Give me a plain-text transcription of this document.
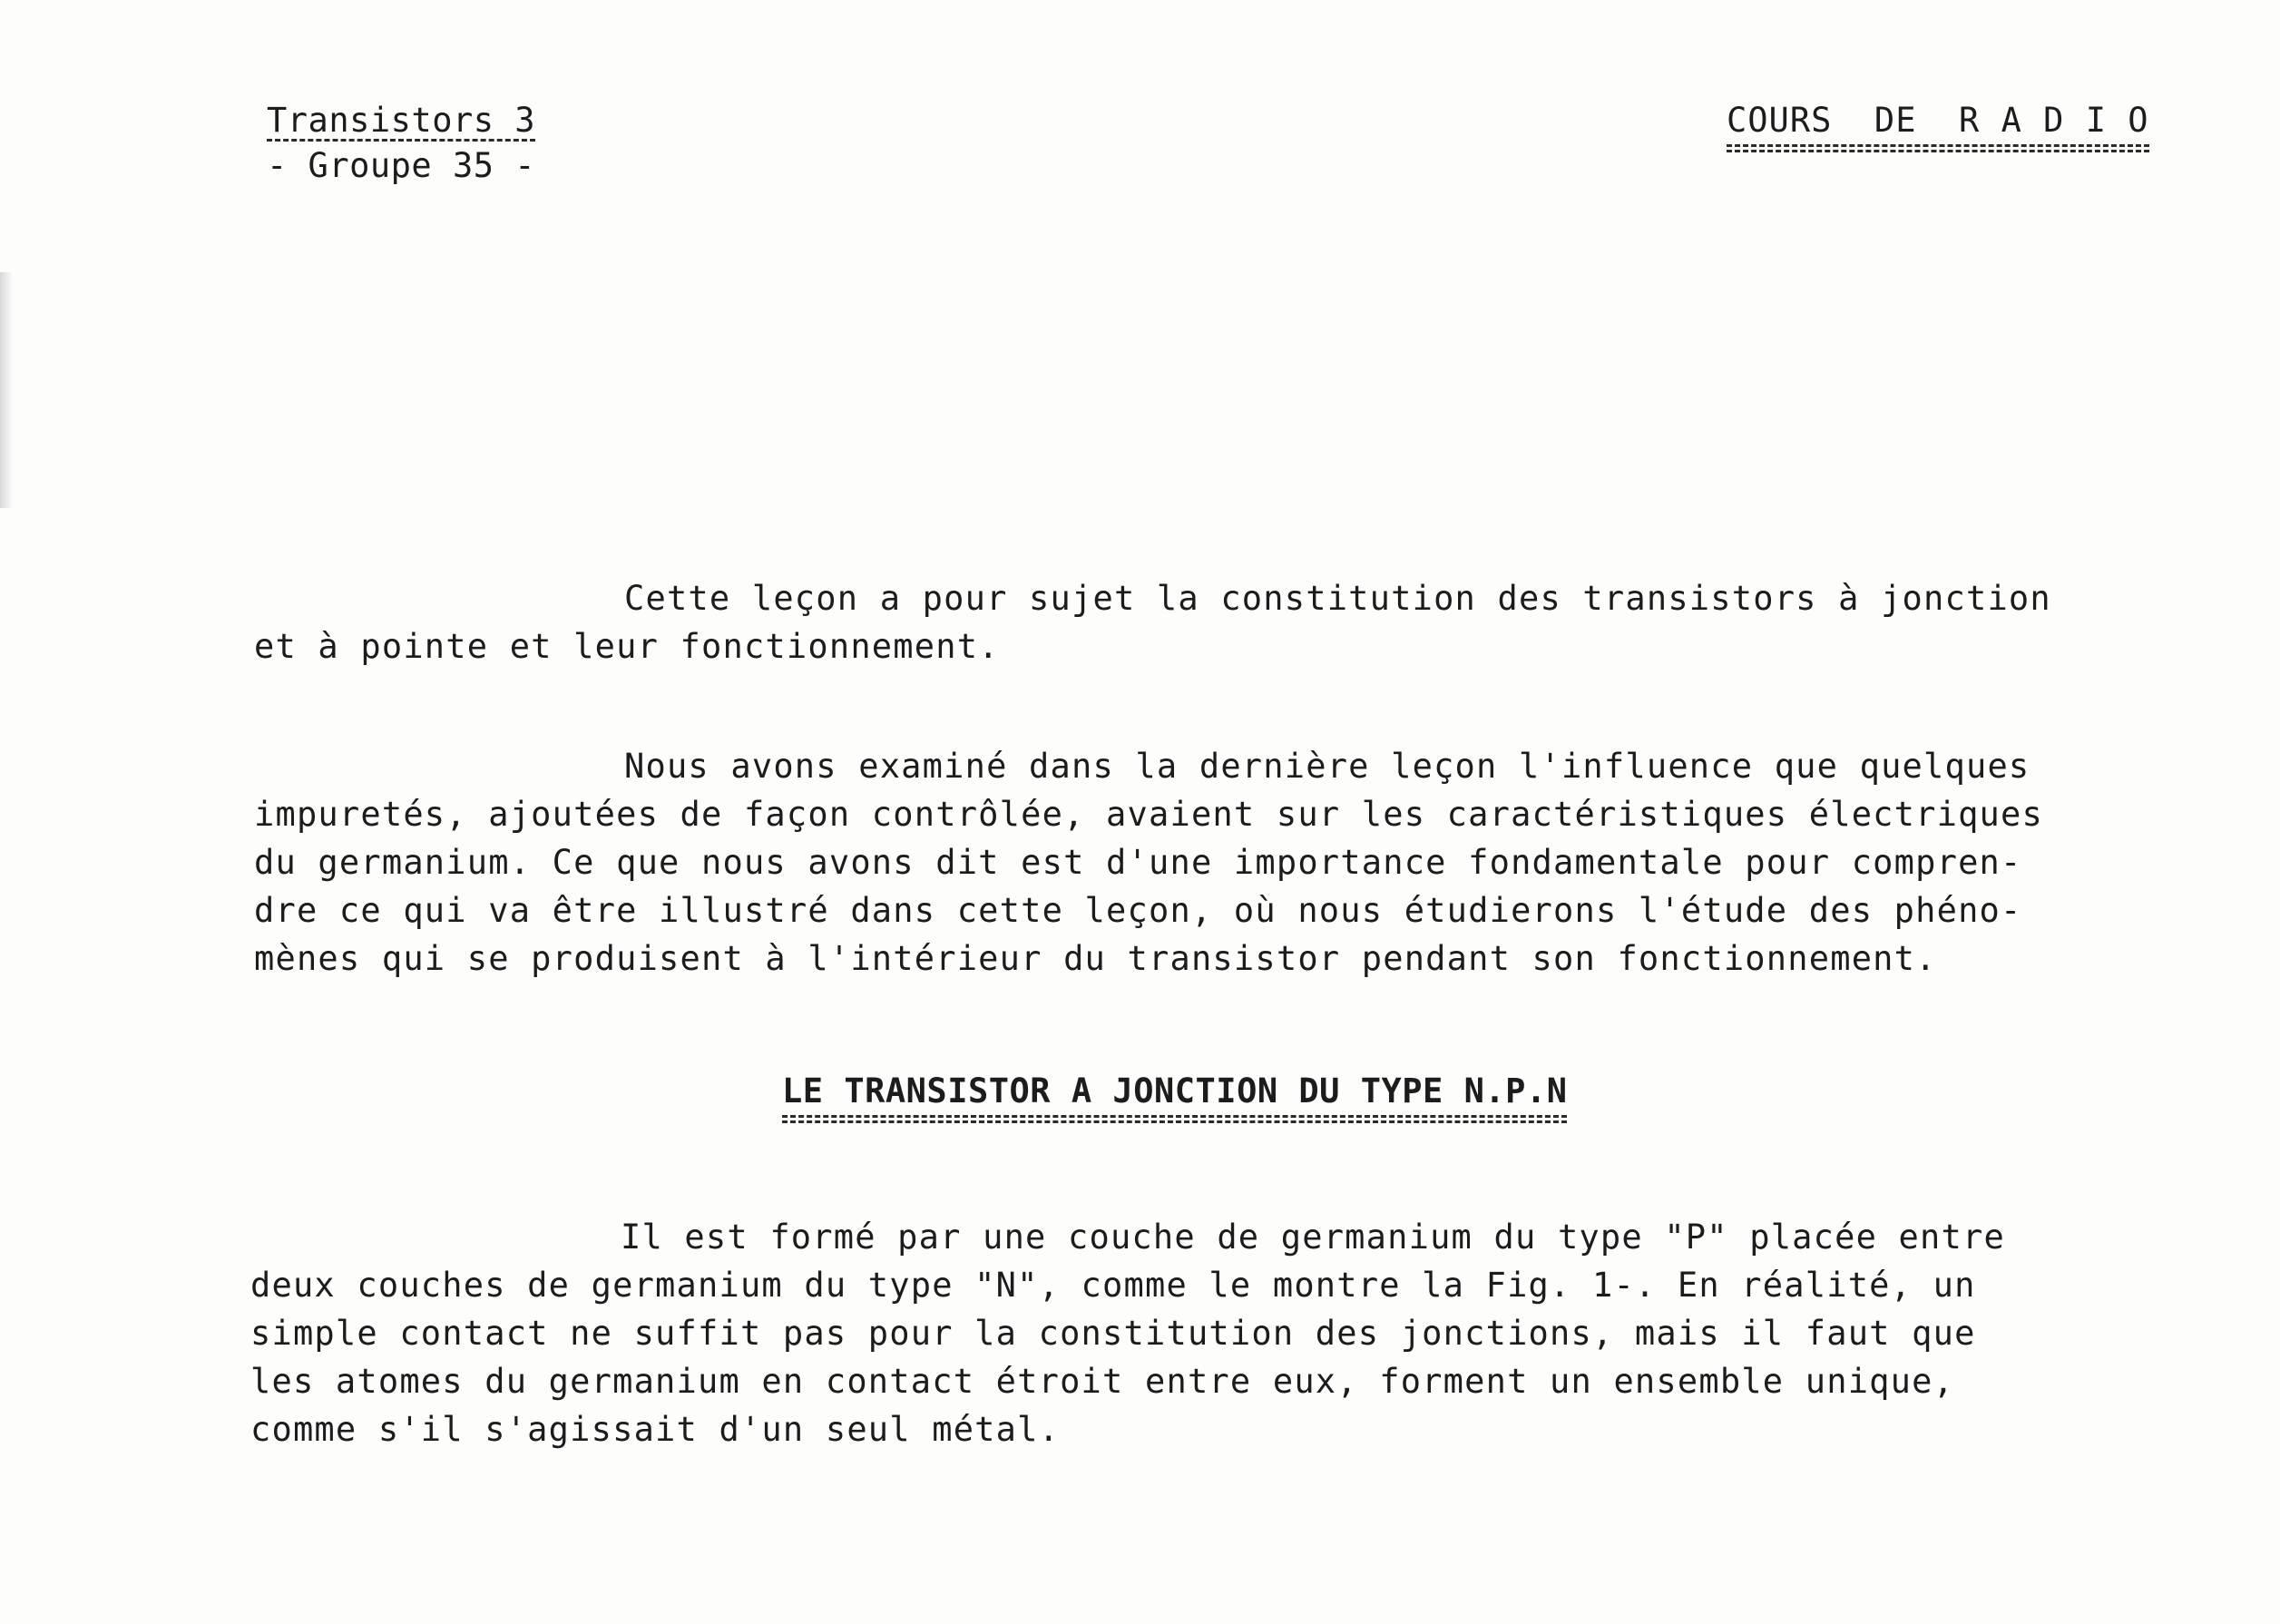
Transistors 3
- Groupe 35 -
COURS  DE  R A D I O
Cette leçon a pour sujet la constitution des transistors à jonction
et à pointe et leur fonctionnement.
Nous avons examiné dans la dernière leçon l'influence que quelques
impuretés, ajoutées de façon contrôlée, avaient sur les caractéristiques électriques
du germanium. Ce que nous avons dit est d'une importance fondamentale pour compren-
dre ce qui va être illustré dans cette leçon, où nous étudierons l'étude des phéno-
mènes qui se produisent à l'intérieur du transistor pendant son fonctionnement.
LE TRANSISTOR A JONCTION DU TYPE N.P.N
Il est formé par une couche de germanium du type "P" placée entre
deux couches de germanium du type "N", comme le montre la Fig. 1-. En réalité, un
simple contact ne suffit pas pour la constitution des jonctions, mais il faut que
les atomes du germanium en contact étroit entre eux, forment un ensemble unique,
comme s'il s'agissait d'un seul métal.
